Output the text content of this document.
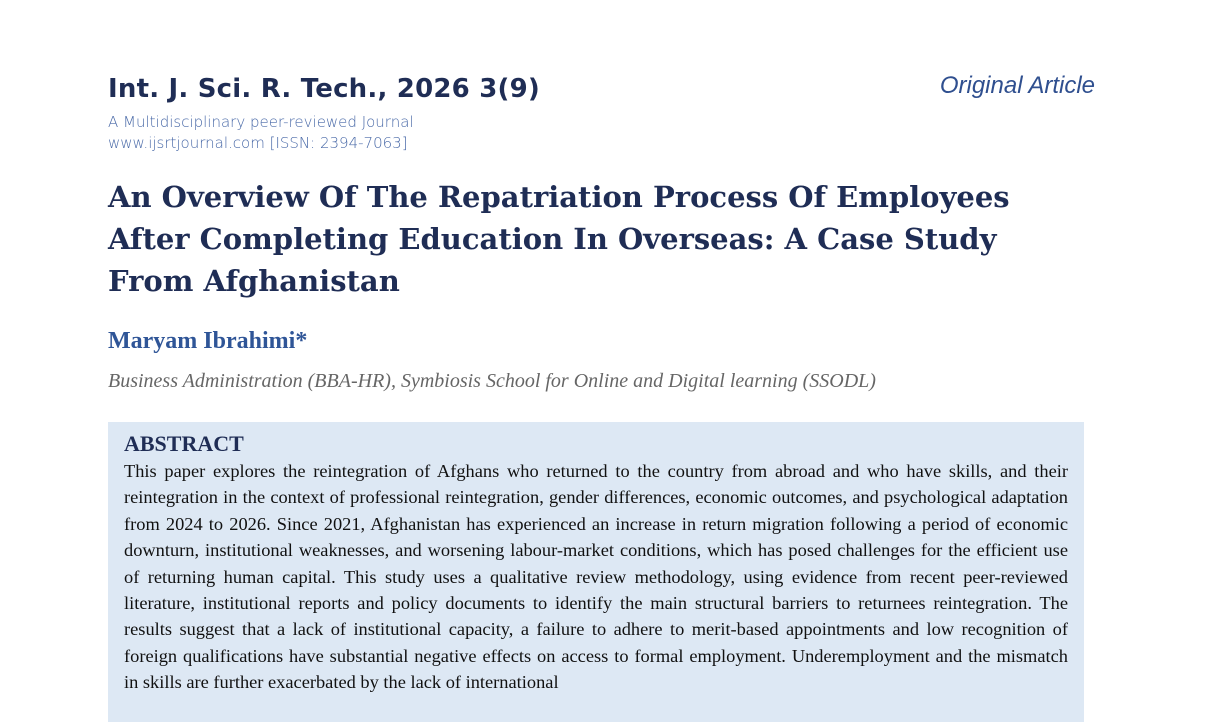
Int. J. Sci. R. Tech., 2026 3(9)	Original Article
A Multidisciplinary peer-reviewed Journal
www.ijsrtjournal.com [ISSN: 2394-7063]
An Overview Of The Repatriation Process Of Employees After Completing Education In Overseas: A Case Study From Afghanistan
Maryam Ibrahimi*
Business Administration (BBA-HR), Symbiosis School for Online and Digital learning (SSODL)
ABSTRACT

This paper explores the reintegration of Afghans who returned to the country from abroad and who have skills, and their reintegration in the context of professional reintegration, gender differences, economic outcomes, and psychological adaptation from 2024 to 2026. Since 2021, Afghanistan has experienced an increase in return migration following a period of economic downturn, institutional weaknesses, and worsening labour-market conditions, which has posed challenges for the efficient use of returning human capital. This study uses a qualitative review methodology, using evidence from recent peer-reviewed literature, institutional reports and policy documents to identify the main structural barriers to returnees reintegration. The results suggest that a lack of institutional capacity, a failure to adhere to merit-based appointments and low recognition of foreign qualifications have substantial negative effects on access to formal employment. Underemployment and the mismatch in skills are further exacerbated by the lack of international
